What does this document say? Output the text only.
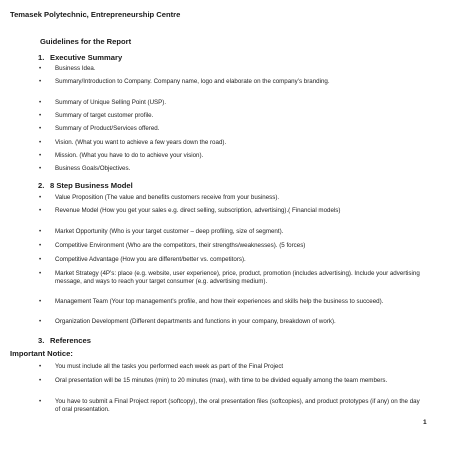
Temasek Polytechnic, Entrepreneurship Centre
Guidelines for the Report
1. Executive Summary
• Business Idea.
• Summary/Introduction to Company. Company name, logo and elaborate on the company’s branding.
• Summary of Unique Selling Point (USP).
• Summary of target customer profile.
• Summary of Product/Services offered.
• Vision. (What you want to achieve a few years down the road).
• Mission. (What you have to do to achieve your vision).
• Business Goals/Objectives.
2. 8 Step Business Model
• Value Proposition (The value and benefits customers receive from your business).
• Revenue Model (How you get your sales e.g. direct selling, subscription, advertising).( Financial models)
• Market Opportunity (Who is your target customer – deep profiling, size of segment).
• Competitive Environment (Who are the competitors, their strengths/weaknesses). (5 forces)
• Competitive Advantage (How you are different/better vs. competitors).
• Market Strategy (4P’s: place (e.g. website, user experience), price, product, promotion (includes advertising). Include your advertising message, and ways to reach your target consumer (e.g. advertising medium).
• Management Team (Your top management’s profile, and how their experiences and skills help the business to succeed).
• Organization Development (Different departments and functions in your company, breakdown of work).
3. References
Important Notice:
• You must include all the tasks you performed each week as part of the Final Project
• Oral presentation will be 15 minutes (min) to 20 minutes (max), with time to be divided equally among the team members.
• You have to submit a Final Project report (softcopy), the oral presentation files (softcopies), and product prototypes (if any) on the day of oral presentation.
1
